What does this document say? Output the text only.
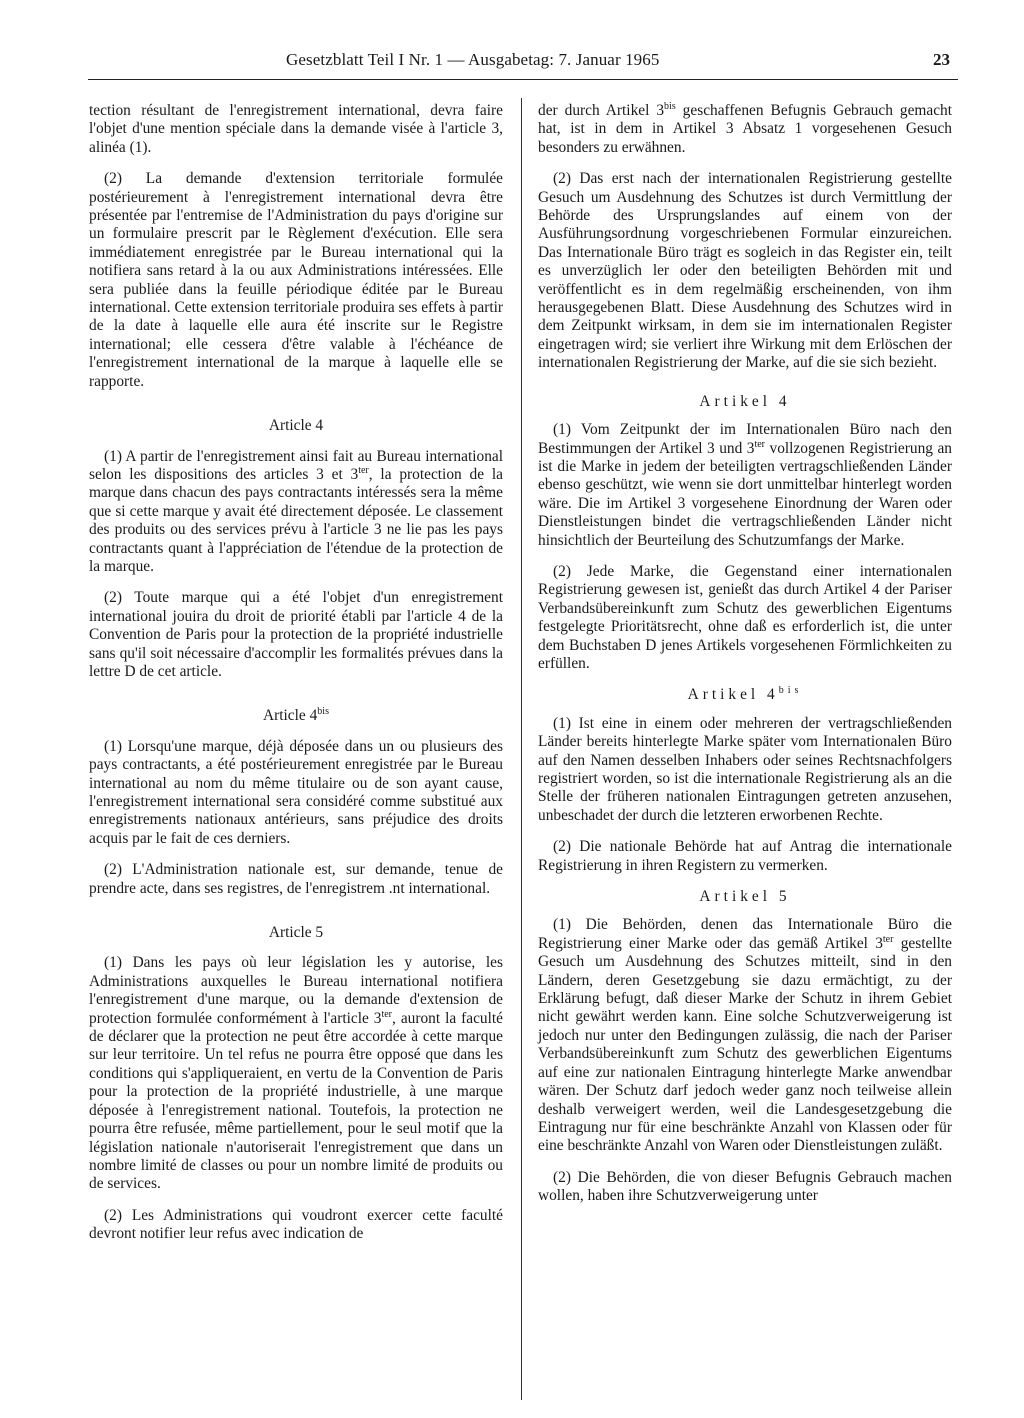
Gesetzblatt Teil I Nr. 1 — Ausgabetag: 7. Januar 1965	23

tection résultant de l'enregistrement international, devra faire l'objet d'une mention spéciale dans la demande visée à l'article 3, alinéa (1).

(2) La demande d'extension territoriale formulée postérieurement à l'enregistrement international devra être présentée par l'entremise de l'Administration du pays d'origine sur un formulaire prescrit par le Règlement d'exécution. Elle sera immédiatement enregistrée par le Bureau international qui la notifiera sans retard à la ou aux Administrations intéressées. Elle sera publiée dans la feuille périodique éditée par le Bureau international. Cette extension territoriale produira ses effets à partir de la date à laquelle elle aura été inscrite sur le Registre international; elle cessera d'être valable à l'échéance de l'enregistrement international de la marque à laquelle elle se rapporte.

Article 4

(1) A partir de l'enregistrement ainsi fait au Bureau international selon les dispositions des articles 3 et $3^{ter}$, la protection de la marque dans chacun des pays contractants intéressés sera la même que si cette marque y avait été directement déposée. Le classement des produits ou des services prévu à l'article 3 ne lie pas les pays contractants quant à l'appréciation de l'étendue de la protection de la marque.

(2) Toute marque qui a été l'objet d'un enregistrement international jouira du droit de priorité établi par l'article 4 de la Convention de Paris pour la protection de la propriété industrielle sans qu'il soit nécessaire d'accomplir les formalités prévues dans la lettre D de cet article.

Article $4^{bis}$

(1) Lorsqu'une marque, déjà déposée dans un ou plusieurs des pays contractants, a été postérieurement enregistrée par le Bureau international au nom du même titulaire ou de son ayant cause, l'enregistrement international sera considéré comme substitué aux enregistrements nationaux antérieurs, sans préjudice des droits acquis par le fait de ces derniers.

(2) L'Administration nationale est, sur demande, tenue de prendre acte, dans ses registres, de l'enregistrem .nt international.

Article 5

(1) Dans les pays où leur législation les y autorise, les Administrations auxquelles le Bureau international notifiera l'enregistrement d'une marque, ou la demande d'extension de protection formulée conformément à l'article $3^{ter}$, auront la faculté de déclarer que la protection ne peut être accordée à cette marque sur leur territoire. Un tel refus ne pourra être opposé que dans les conditions qui s'appliqueraient, en vertu de la Convention de Paris pour la protection de la propriété industrielle, à une marque déposée à l'enregistrement national. Toutefois, la protection ne pourra être refusée, même partiellement, pour le seul motif que la législation nationale n'autoriserait l'enregistrement que dans un nombre limité de classes ou pour un nombre limité de produits ou de services.

(2) Les Administrations qui voudront exercer cette faculté devront notifier leur refus avec indication de

der durch Artikel $3^{bis}$ geschaffenen Befugnis Gebrauch gemacht hat, ist in dem in Artikel 3 Absatz 1 vorgesehenen Gesuch besonders zu erwähnen.

(2) Das erst nach der internationalen Registrierung gestellte Gesuch um Ausdehnung des Schutzes ist durch Vermittlung der Behörde des Ursprungslandes auf einem von der Ausführungsordnung vorgeschriebenen Formular einzureichen. Das Internationale Büro trägt es sogleich in das Register ein, teilt es unverzüglich ler oder den beteiligten Behörden mit und veröffentlicht es in dem regelmäßig erscheinenden, von ihm herausgegebenen Blatt. Diese Ausdehnung des Schutzes wird in dem Zeitpunkt wirksam, in dem sie im internationalen Register eingetragen wird; sie verliert ihre Wirkung mit dem Erlöschen der internationalen Registrierung der Marke, auf die sie sich bezieht.

Artikel 4

(1) Vom Zeitpunkt der im Internationalen Büro nach den Bestimmungen der Artikel 3 und $3^{ter}$ vollzogenen Registrierung an ist die Marke in jedem der beteiligten vertragschließenden Länder ebenso geschützt, wie wenn sie dort unmittelbar hinterlegt worden wäre. Die im Artikel 3 vorgesehene Einordnung der Waren oder Dienstleistungen bindet die vertragschließenden Länder nicht hinsichtlich der Beurteilung des Schutzumfangs der Marke.

(2) Jede Marke, die Gegenstand einer internationalen Registrierung gewesen ist, genießt das durch Artikel 4 der Pariser Verbandsübereinkunft zum Schutz des gewerblichen Eigentums festgelegte Prioritätsrecht, ohne daß es erforderlich ist, die unter dem Buchstaben D jenes Artikels vorgesehenen Förmlichkeiten zu erfüllen.

Artikel $4^{bis}$

(1) Ist eine in einem oder mehreren der vertragschließenden Länder bereits hinterlegte Marke später vom Internationalen Büro auf den Namen desselben Inhabers oder seines Rechtsnachfolgers registriert worden, so ist die internationale Registrierung als an die Stelle der früheren nationalen Eintragungen getreten anzusehen, unbeschadet der durch die letzteren erworbenen Rechte.

(2) Die nationale Behörde hat auf Antrag die internationale Registrierung in ihren Registern zu vermerken.

Artikel 5

(1) Die Behörden, denen das Internationale Büro die Registrierung einer Marke oder das gemäß Artikel $3^{ter}$ gestellte Gesuch um Ausdehnung des Schutzes mitteilt, sind in den Ländern, deren Gesetzgebung sie dazu ermächtigt, zu der Erklärung befugt, daß dieser Marke der Schutz in ihrem Gebiet nicht gewährt werden kann. Eine solche Schutzverweigerung ist jedoch nur unter den Bedingungen zulässig, die nach der Pariser Verbandsübereinkunft zum Schutz des gewerblichen Eigentums auf eine zur nationalen Eintragung hinterlegte Marke anwendbar wären. Der Schutz darf jedoch weder ganz noch teilweise allein deshalb verweigert werden, weil die Landesgesetzgebung die Eintragung nur für eine beschränkte Anzahl von Klassen oder für eine beschränkte Anzahl von Waren oder Dienstleistungen zuläßt.

(2) Die Behörden, die von dieser Befugnis Gebrauch machen wollen, haben ihre Schutzverweigerung unter
